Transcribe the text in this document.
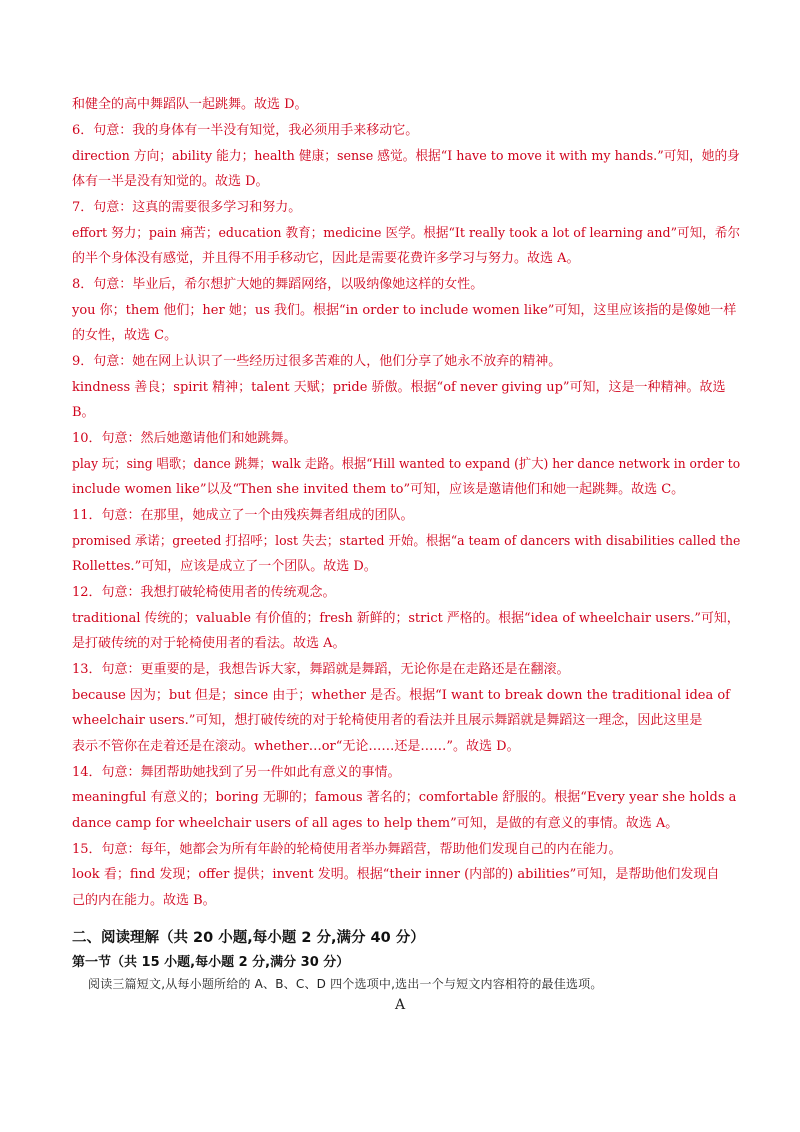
和健全的高中舞蹈队一起跳舞。故选 D。
6．句意：我的身体有一半没有知觉，我必须用手来移动它。
direction 方向；ability 能力；health 健康；sense 感觉。根据“I have to move it with my hands.”可知，她的身
体有一半是没有知觉的。故选 D。
7．句意：这真的需要很多学习和努力。
effort 努力；pain 痛苦；education 教育；medicine 医学。根据“It really took a lot of learning and”可知，希尔
的半个身体没有感觉，并且得不用手移动它，因此是需要花费许多学习与努力。故选 A。
8．句意：毕业后，希尔想扩大她的舞蹈网络，以吸纳像她这样的女性。
you 你；them 他们；her 她；us 我们。根据“in order to include women like”可知，这里应该指的是像她一样
的女性，故选 C。
9．句意：她在网上认识了一些经历过很多苦难的人，他们分享了她永不放弃的精神。
kindness 善良；spirit 精神；talent 天赋；pride 骄傲。根据“of never giving up”可知，这是一种精神。故选
B。
10．句意：然后她邀请他们和她跳舞。
play 玩；sing 唱歌；dance 跳舞；walk 走路。根据“Hill wanted to expand (扩大) her dance network in order to
include women like”以及“Then she invited them to”可知，应该是邀请他们和她一起跳舞。故选 C。
11．句意：在那里，她成立了一个由残疾舞者组成的团队。
promised 承诺；greeted 打招呼；lost 失去；started 开始。根据“a team of dancers with disabilities called the
Rollettes.”可知，应该是成立了一个团队。故选 D。
12．句意：我想打破轮椅使用者的传统观念。
traditional 传统的；valuable 有价值的；fresh 新鲜的；strict 严格的。根据“idea of wheelchair users.”可知，
是打破传统的对于轮椅使用者的看法。故选 A。
13．句意：更重要的是，我想告诉大家，舞蹈就是舞蹈，无论你是在走路还是在翻滚。
because 因为；but 但是；since 由于；whether 是否。根据“I want to break down the traditional idea of
wheelchair users.”可知，想打破传统的对于轮椅使用者的看法并且展示舞蹈就是舞蹈这一理念，因此这里是
表示不管你在走着还是在滚动。whether…or“无论……还是……”。故选 D。
14．句意：舞团帮助她找到了另一件如此有意义的事情。
meaningful 有意义的；boring 无聊的；famous 著名的；comfortable 舒服的。根据“Every year she holds a
dance camp for wheelchair users of all ages to help them”可知，是做的有意义的事情。故选 A。
15．句意：每年，她都会为所有年龄的轮椅使用者举办舞蹈营，帮助他们发现自己的内在能力。
look 看；find 发现；offer 提供；invent 发明。根据“their inner (内部的) abilities”可知，是帮助他们发现自
己的内在能力。故选 B。
二、阅读理解（共 20 小题,每小题 2 分,满分 40 分）
第一节（共 15 小题,每小题 2 分,满分 30 分）
阅读三篇短文,从每小题所给的 A、B、C、D 四个选项中,选出一个与短文内容相符的最佳选项。
A
